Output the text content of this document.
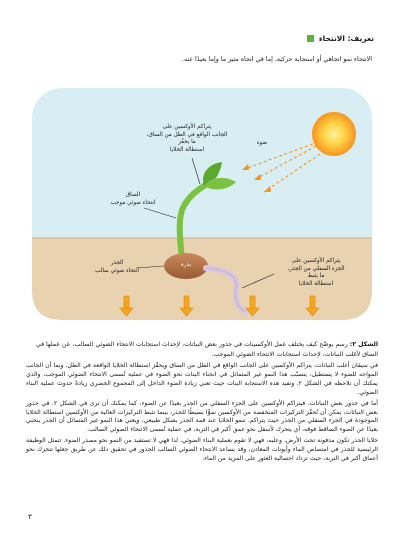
تعريف: الانتحاء
الانتحاء نمو اتجاهي أو استجابة حركية، إما في اتجاه مثير ما وإما بعيدًا عنه.
يتراكم الأوكسين على
الجانب الواقع في الظل من الساق،
ما يحفّز
استطالة الخلايا
ضوء
الساق
انتحاء ضوئي موجب
الجذر
انتحاء ضوئي سالب
بذرة
يتراكم الأوكسين على
الجزء السفلي من الجذر،
ما يثبط
استطالة الخلايا
الشكل ٢: رسم يوضّح كيف يختلف عمل الأوكسينات في جذور بعض النباتات، لإحداث استجابات الانتحاء الضوئي السالب، عن عملها في الساق لأغلب النباتات، لإحداث استجابات الانتحاء الضوئي الموجب.

في سيقان أغلب النباتات، يتراكم الأوكسين على الجانب الواقع في الظل من الساق ويحفّز استطالة الخلايا الواقعة في الظل. وبما أن الجانب المواجه للضوء لا يستطيل، يتسبّب هذا النمو غير المتماثل في انحناء البنات نحو الضوء في عملية تُسمى الانتحاء الضوئي الموجب، والذي يمكنك أن تلاحظه في الشكل ٢. وتفيد هذه الاستجابة البنات حيث تعني زيادة الضوء الداخل إلى المجموع الخضري زيادةً حدوث عملية البناء الضوئي.

أما في جذور بعض النباتات، فيتراكم الأوكسين على الجزء السفلي من الجذر بعيدًا عن الضوء، كما يمكنك أن ترى في الشكل ٢. في جذور بعض النباتات، يمكن أن تُحفّز التركيزات المنخفضة من الأوكسين نموًّا بسيطًا للجذر، بينما تثبط التركيزات العالية من الأوكسين استطالة الخلايا الموجودة في الجزء السفلي من الجذر حيث يتراكم. تنمو الخلايا عند قمة الجذر بشكل طبيعي، ويعني هذا النمو غير المتماثل أن الجذر ينحني بعيدًا عن الضوء الساقط فوقه، أي يتحرك لأسفل نحو عمق أكبر في التربة، في عملية تُسمى الانتحاء الضوئي السالب.

خلايا الجذر تكون مدفونة تحت الأرض، وعليه، فهي لا تقوم بعملية البناء الضوئي. لذا فهي لا تستفيد من النمو نحو مصدر الضوء. تتمثل الوظيفة الرئيسية للجذر في امتصاص الماء وأيونات المعادن، وقد يساعد الانتحاء الضوئي السالب الجذور في تحقيق ذلك عن طريق جعلها تتحرك نحو أعماق أكبر في التربة، حيث تزداد احتمالية العثور على المزيد من الماء.

٣
